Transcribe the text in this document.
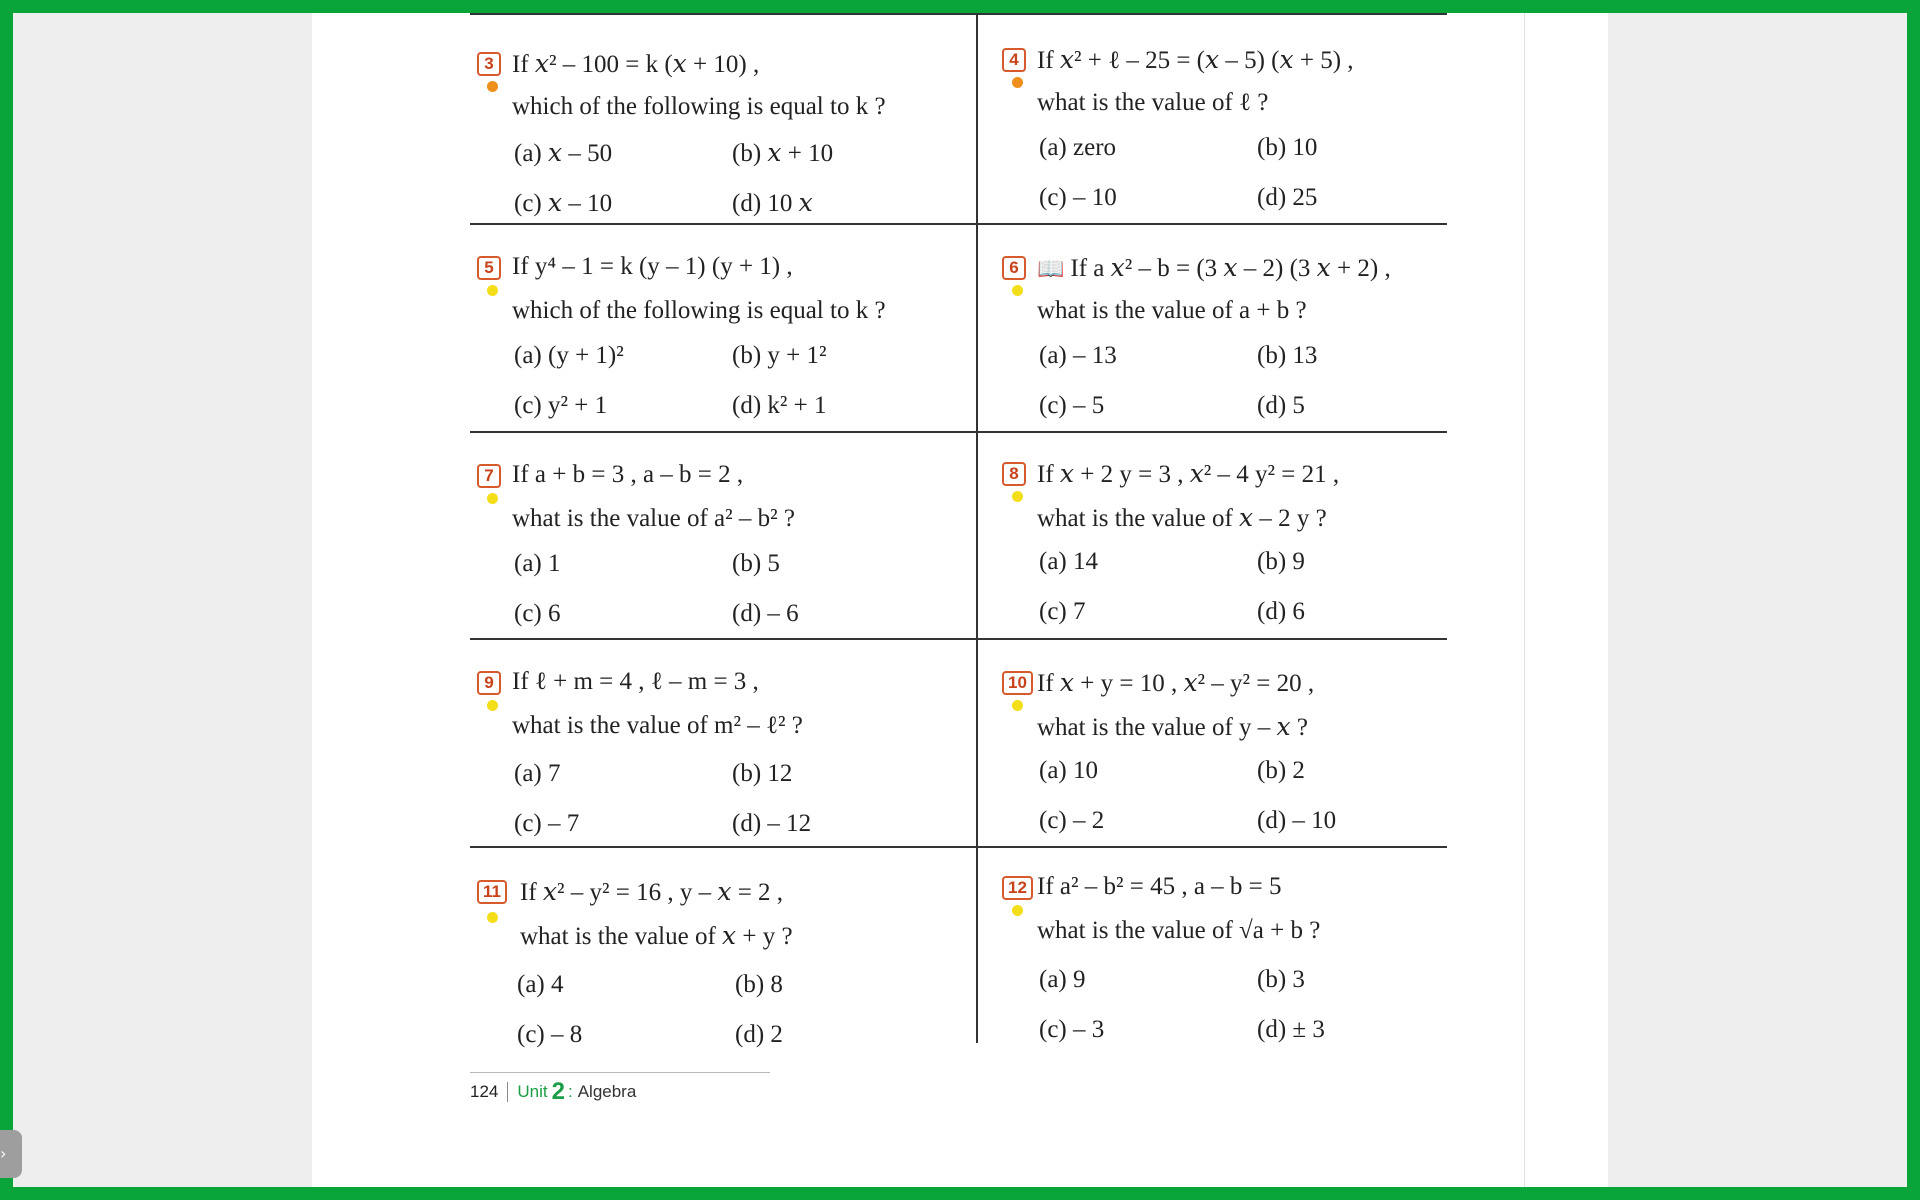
3 If 𝑥² – 100 = k (𝑥 + 10) ,
which of the following is equal to k ?
(a) 𝑥 – 50	(b) 𝑥 + 10
(c) 𝑥 – 10	(d) 10 𝑥
4 If 𝑥² + ℓ – 25 = (𝑥 – 5) (𝑥 + 5) ,
what is the value of ℓ ?
(a) zero	(b) 10
(c) – 10	(d) 25
5 If y⁴ – 1 = k (y – 1) (y + 1) ,
which of the following is equal to k ?
(a) (y + 1)²	(b) y + 1²
(c) y² + 1	(d) k² + 1
6 📖 If a 𝑥² – b = (3 𝑥 – 2) (3 𝑥 + 2) ,
what is the value of a + b ?
(a) – 13	(b) 13
(c) – 5	(d) 5
7 If a + b = 3 , a – b = 2 ,
what is the value of a² – b² ?
(a) 1	(b) 5
(c) 6	(d) – 6
8 If 𝑥 + 2 y = 3 , 𝑥² – 4 y² = 21 ,
what is the value of 𝑥 – 2 y ?
(a) 14	(b) 9
(c) 7	(d) 6
9 If ℓ + m = 4 , ℓ – m = 3 ,
what is the value of m² – ℓ² ?
(a) 7	(b) 12
(c) – 7	(d) – 12
10 If 𝑥 + y = 10 , 𝑥² – y² = 20 ,
what is the value of y – 𝑥 ?
(a) 10	(b) 2
(c) – 2	(d) – 10
11 If 𝑥² – y² = 16 , y – 𝑥 = 2 ,
what is the value of 𝑥 + y ?
(a) 4	(b) 8
(c) – 8	(d) 2
12 If a² – b² = 45 , a – b = 5
what is the value of √a + b ?
(a) 9	(b) 3
(c) – 3	(d) ± 3
124	Unit 2 : Algebra
›
